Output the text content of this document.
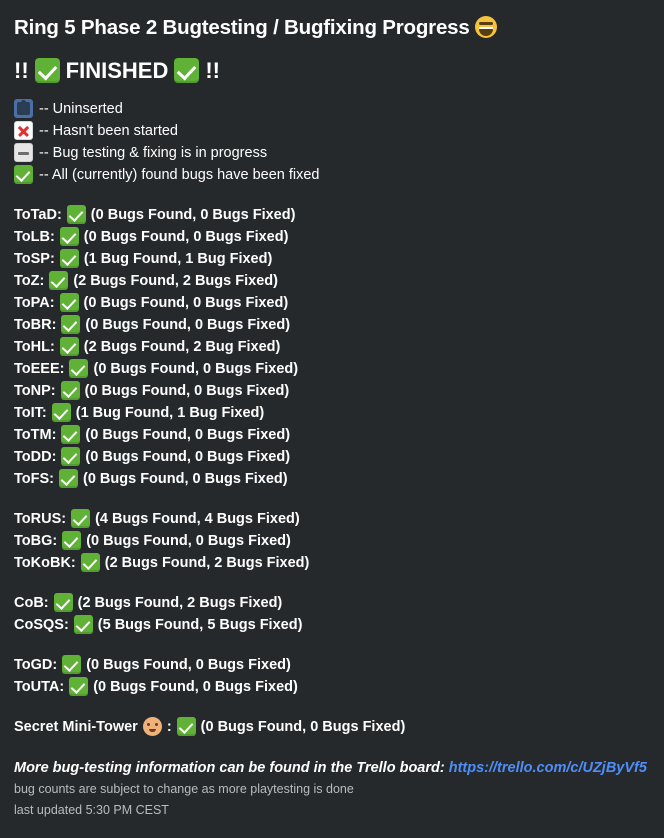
Ring 5 Phase 2 Bugtesting / Bugfixing Progress
!! FINISHED !!
-- Uninserted
-- Hasn't been started
-- Bug testing & fixing is in progress
-- All (currently) found bugs have been fixed
ToTaD: (0 Bugs Found, 0 Bugs Fixed)
ToLB: (0 Bugs Found, 0 Bugs Fixed)
ToSP: (1 Bug Found, 1 Bug Fixed)
ToZ: (2 Bugs Found, 2 Bugs Fixed)
ToPA: (0 Bugs Found, 0 Bugs Fixed)
ToBR: (0 Bugs Found, 0 Bugs Fixed)
ToHL: (2 Bugs Found, 2 Bug Fixed)
ToEEE: (0 Bugs Found, 0 Bugs Fixed)
ToNP: (0 Bugs Found, 0 Bugs Fixed)
ToIT: (1 Bug Found, 1 Bug Fixed)
ToTM: (0 Bugs Found, 0 Bugs Fixed)
ToDD: (0 Bugs Found, 0 Bugs Fixed)
ToFS: (0 Bugs Found, 0 Bugs Fixed)
ToRUS: (4 Bugs Found, 4 Bugs Fixed)
ToBG: (0 Bugs Found, 0 Bugs Fixed)
ToKoBK: (2 Bugs Found, 2 Bugs Fixed)
CoB: (2 Bugs Found, 2 Bugs Fixed)
CoSQS: (5 Bugs Found, 5 Bugs Fixed)
ToGD: (0 Bugs Found, 0 Bugs Fixed)
ToUTA: (0 Bugs Found, 0 Bugs Fixed)
Secret Mini-Tower : (0 Bugs Found, 0 Bugs Fixed)
More bug-testing information can be found in the Trello board: https://trello.com/c/UZjByVf5
bug counts are subject to change as more playtesting is done
last updated 5:30 PM CEST
